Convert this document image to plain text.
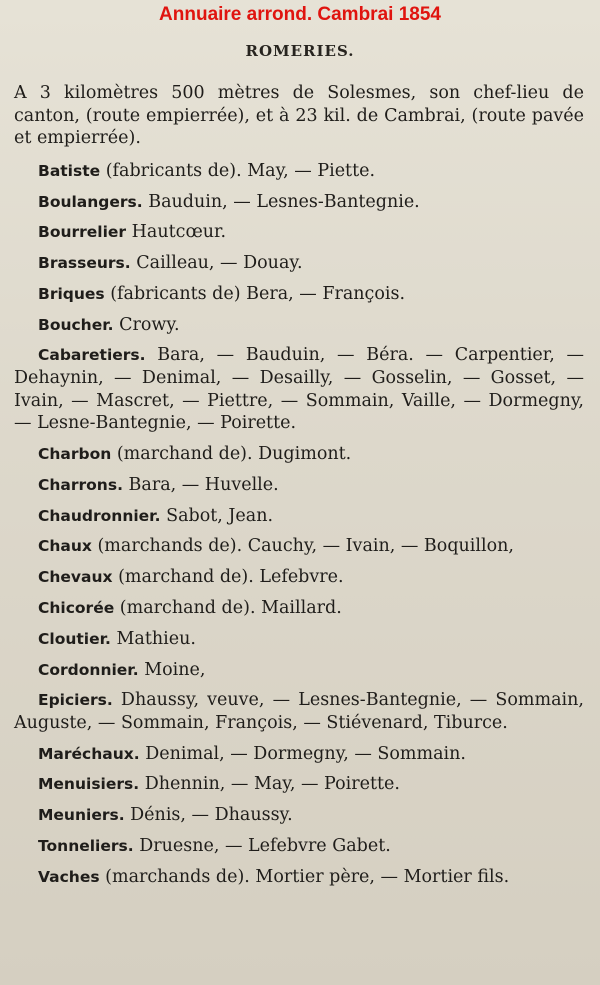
Annuaire arrond. Cambrai 1854
ROMERIES.

A 3 kilomètres 500 mètres de Solesmes, son chef-lieu de canton, (route empierrée), et à 23 kil. de Cambrai, (route pavée et empierrée).

Batiste (fabricants de). May, — Piette.

Boulangers. Bauduin, — Lesnes-Bantegnie.

Bourrelier Hautcœur.

Brasseurs. Cailleau, — Douay.

Briques (fabricants de) Bera, — François.

Boucher. Crowy.

Cabaretiers. Bara, — Bauduin, — Béra. — Carpentier, — Dehaynin, — Denimal, — Desailly, — Gosselin, — Gosset, — Ivain, — Mascret, — Piettre, — Sommain, Vaille, — Dormegny, — Lesne-Bantegnie, — Poirette.

Charbon (marchand de). Dugimont.

Charrons. Bara, — Huvelle.

Chaudronnier. Sabot, Jean.

Chaux (marchands de). Cauchy, — Ivain, — Boquillon,

Chevaux (marchand de). Lefebvre.

Chicorée (marchand de). Maillard.

Cloutier. Mathieu.

Cordonnier. Moine,

Epiciers. Dhaussy, veuve, — Lesnes-Bantegnie, — Sommain, Auguste, — Sommain, François, — Stiévenard, Tiburce.

Maréchaux. Denimal, — Dormegny, — Sommain.

Menuisiers. Dhennin, — May, — Poirette.

Meuniers. Dénis, — Dhaussy.

Tonneliers. Druesne, — Lefebvre Gabet.

Vaches (marchands de). Mortier père, — Mortier fils.
